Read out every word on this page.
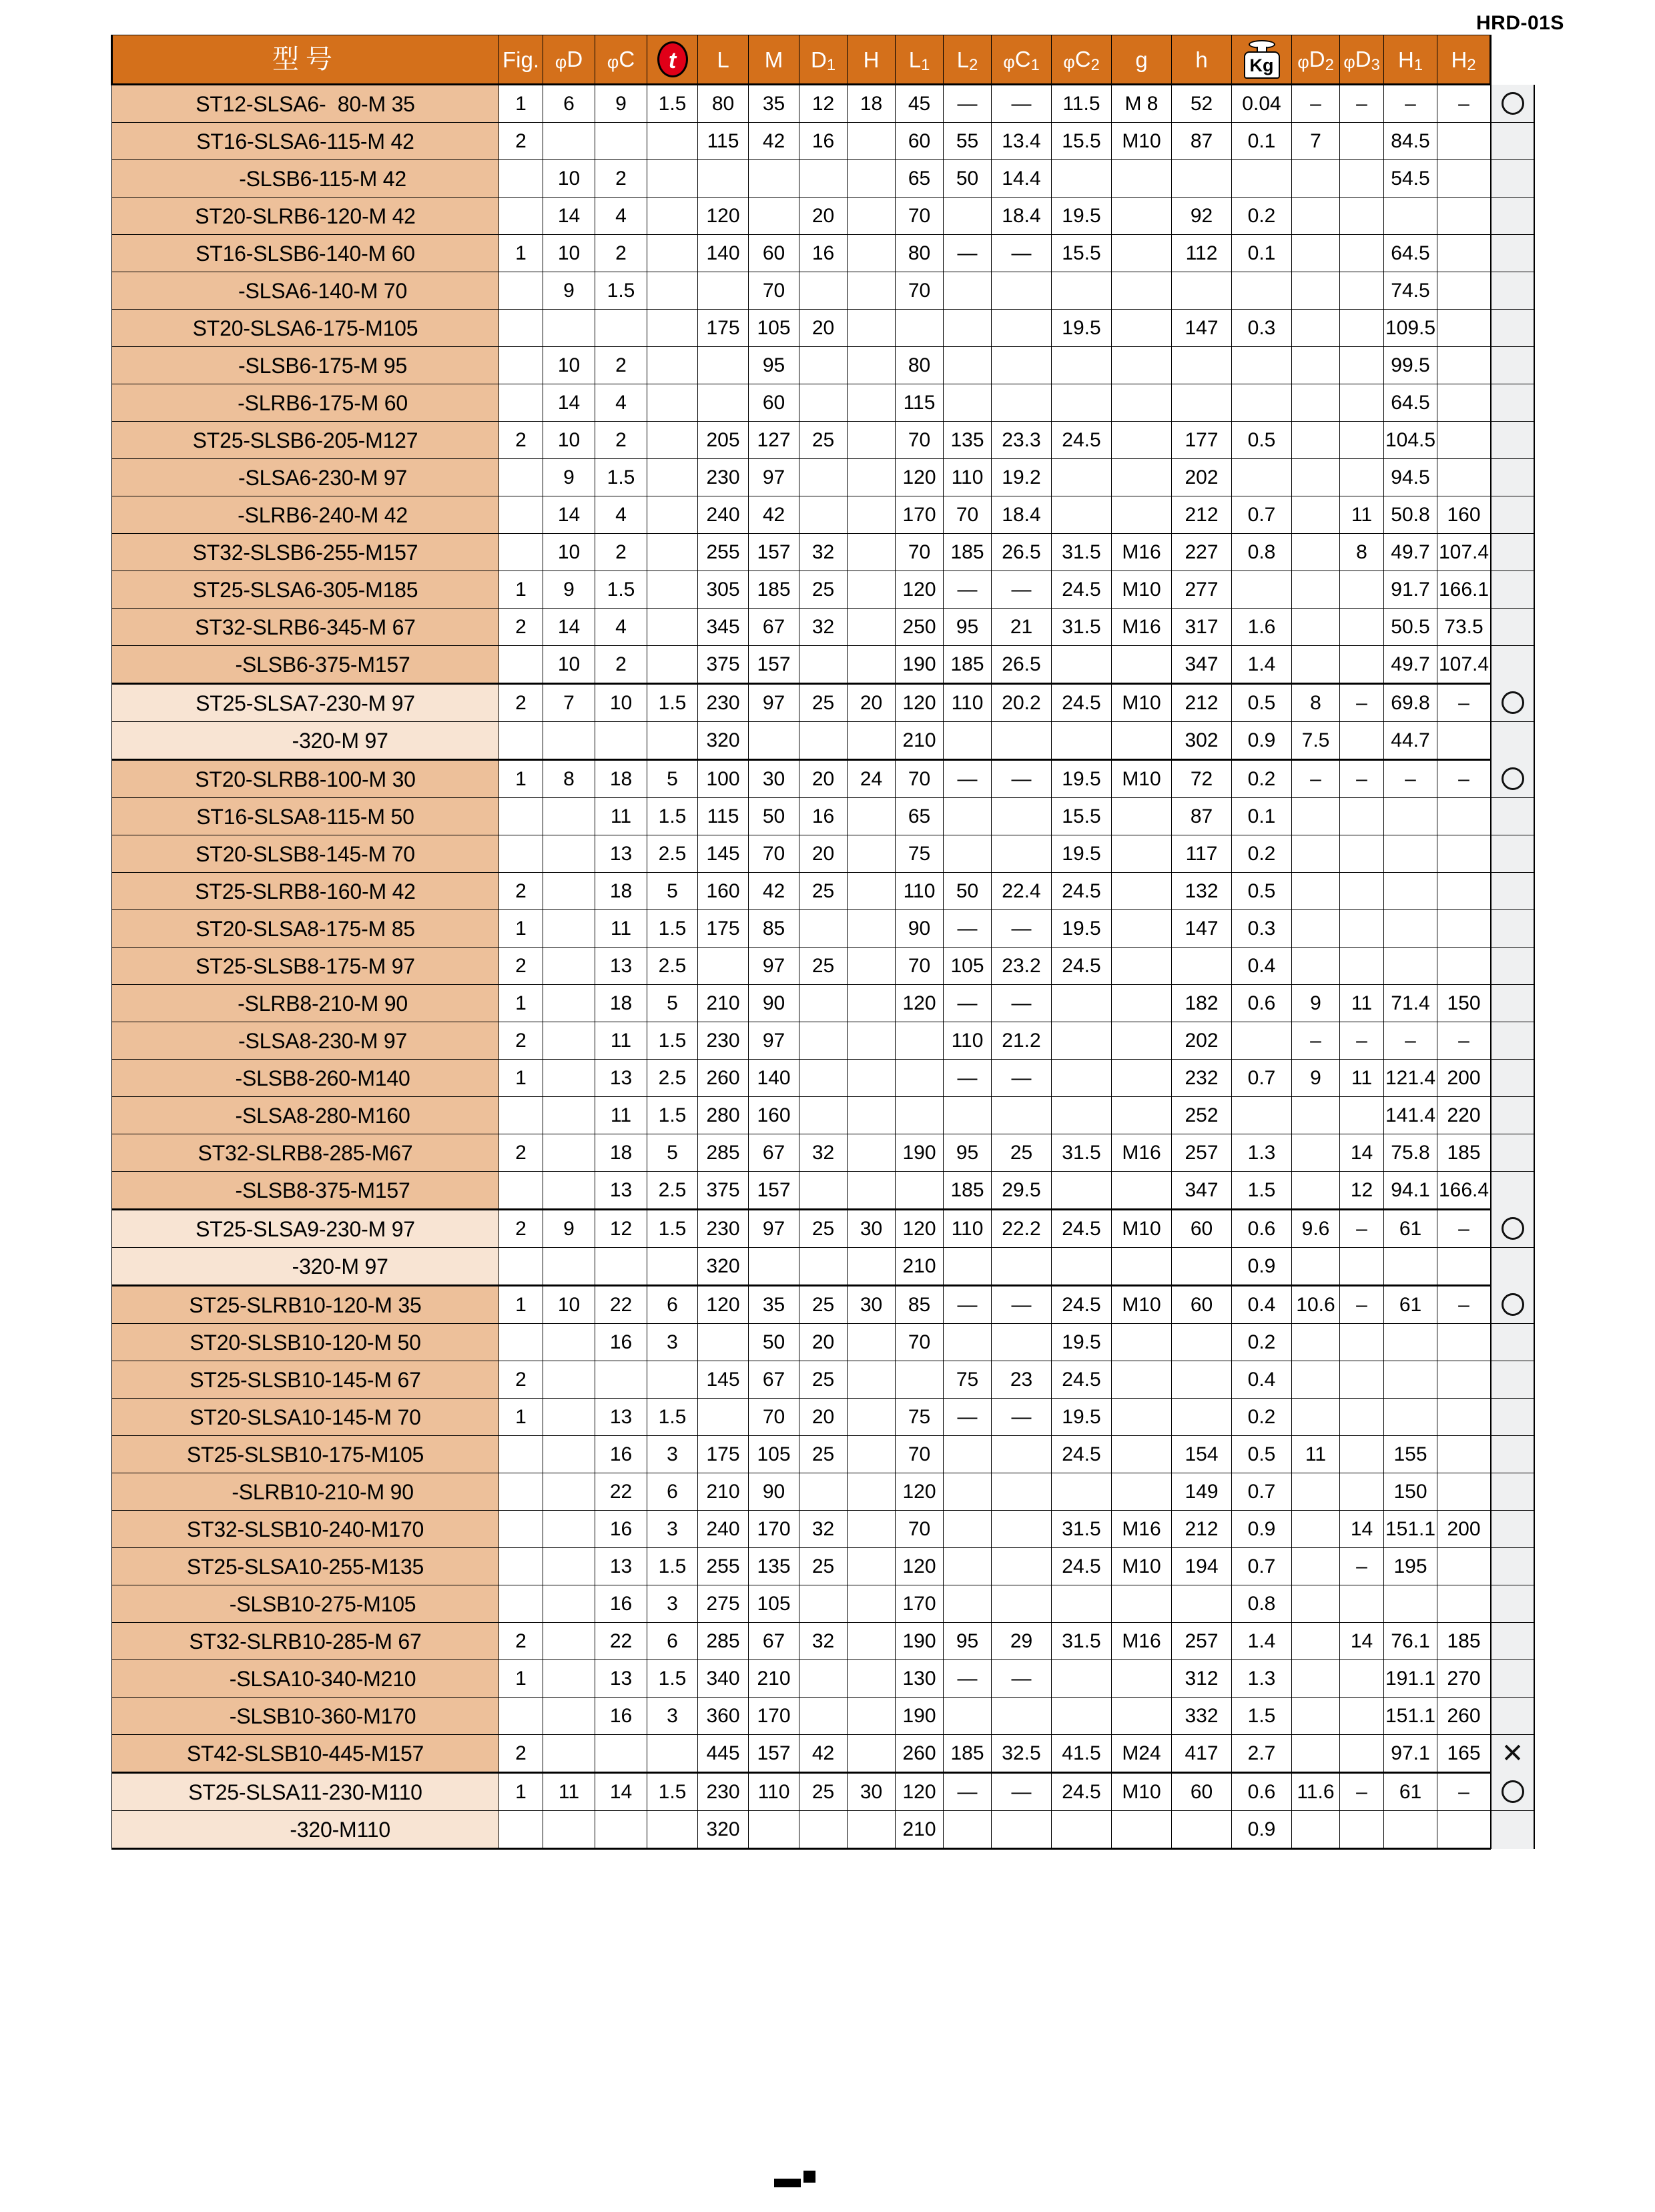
HRD-01S
型号	Fig.	φD	φC	t	L	M	$D_1$	H	$L_1$	$L_2$	$\varphi C_1$	$\varphi C_2$	g	h	Kg	$\varphi D_2$	$\varphi D_3$	$H_1$	$H_2$	
ST12-SLSA6-  80-M 35	1	6	9	1.5	80	35	12	18	45	—	—	11.5	M 8	52	0.04	–	–	–	–	

ST16-SLSA6-115-M 42	2				115	42	16		60	55	13.4	15.5	M10	87	0.1	7		84.5		

-SLSB6-115-M 42		10	2						65	50	14.4							54.5		

ST20-SLRB6-120-M 42		14	4		120		20		70		18.4	19.5		92	0.2					

ST16-SLSB6-140-M 60	1	10	2		140	60	16		80	—	—	15.5		112	0.1			64.5		

-SLSA6-140-M 70		9	1.5			70			70									74.5		

ST20-SLSA6-175-M105					175	105	20					19.5		147	0.3			109.5		

-SLSB6-175-M 95		10	2			95			80									99.5		

-SLRB6-175-M 60		14	4			60			115									64.5		

ST25-SLSB6-205-M127	2	10	2		205	127	25		70	135	23.3	24.5		177	0.5			104.5		

-SLSA6-230-M 97		9	1.5		230	97			120	110	19.2			202				94.5		

-SLRB6-240-M 42		14	4		240	42			170	70	18.4			212	0.7		11	50.8	160	

ST32-SLSB6-255-M157		10	2		255	157	32		70	185	26.5	31.5	M16	227	0.8		8	49.7	107.4	

ST25-SLSA6-305-M185	1	9	1.5		305	185	25		120	—	—	24.5	M10	277				91.7	166.1	

ST32-SLRB6-345-M 67	2	14	4		345	67	32		250	95	21	31.5	M16	317	1.6			50.5	73.5	

-SLSB6-375-M157		10	2		375	157			190	185	26.5			347	1.4			49.7	107.4	

ST25-SLSA7-230-M 97	2	7	10	1.5	230	97	25	20	120	110	20.2	24.5	M10	212	0.5	8	–	69.8	–	

-320-M 97					320				210					302	0.9	7.5		44.7		

ST20-SLRB8-100-M 30	1	8	18	5	100	30	20	24	70	—	—	19.5	M10	72	0.2	–	–	–	–	

ST16-SLSA8-115-M 50			11	1.5	115	50	16		65			15.5		87	0.1					

ST20-SLSB8-145-M 70			13	2.5	145	70	20		75			19.5		117	0.2					

ST25-SLRB8-160-M 42	2		18	5	160	42	25		110	50	22.4	24.5		132	0.5					

ST20-SLSA8-175-M 85	1		11	1.5	175	85			90	—	—	19.5		147	0.3					

ST25-SLSB8-175-M 97	2		13	2.5		97	25		70	105	23.2	24.5			0.4					

-SLRB8-210-M 90	1		18	5	210	90			120	—	—			182	0.6	9	11	71.4	150	

-SLSA8-230-M 97	2		11	1.5	230	97				110	21.2			202		–	–	–	–	

-SLSB8-260-M140	1		13	2.5	260	140				—	—			232	0.7	9	11	121.4	200	

-SLSA8-280-M160			11	1.5	280	160								252				141.4	220	

ST32-SLRB8-285-M67	2		18	5	285	67	32		190	95	25	31.5	M16	257	1.3		14	75.8	185	

-SLSB8-375-M157			13	2.5	375	157				185	29.5			347	1.5		12	94.1	166.4	

ST25-SLSA9-230-M 97	2	9	12	1.5	230	97	25	30	120	110	22.2	24.5	M10	60	0.6	9.6	–	61	–	

-320-M 97					320				210						0.9					

ST25-SLRB10-120-M 35	1	10	22	6	120	35	25	30	85	—	—	24.5	M10	60	0.4	10.6	–	61	–	

ST20-SLSB10-120-M 50			16	3		50	20		70			19.5			0.2					

ST25-SLSB10-145-M 67	2				145	67	25			75	23	24.5			0.4					

ST20-SLSA10-145-M 70	1		13	1.5		70	20		75	—	—	19.5			0.2					

ST25-SLSB10-175-M105			16	3	175	105	25		70			24.5		154	0.5	11		155		

-SLRB10-210-M 90			22	6	210	90			120					149	0.7			150		

ST32-SLSB10-240-M170			16	3	240	170	32		70			31.5	M16	212	0.9		14	151.1	200	

ST25-SLSA10-255-M135			13	1.5	255	135	25		120			24.5	M10	194	0.7		–	195		

-SLSB10-275-M105			16	3	275	105			170						0.8					

ST32-SLRB10-285-M 67	2		22	6	285	67	32		190	95	29	31.5	M16	257	1.4		14	76.1	185	

-SLSA10-340-M210	1		13	1.5	340	210			130	—	—			312	1.3			191.1	270	

-SLSB10-360-M170			16	3	360	170			190					332	1.5			151.1	260	

ST42-SLSB10-445-M157	2				445	157	42		260	185	32.5	41.5	M24	417	2.7			97.1	165	✕

ST25-SLSA11-230-M110	1	11	14	1.5	230	110	25	30	120	—	—	24.5	M10	60	0.6	11.6	–	61	–	

-320-M110					320				210						0.9					
